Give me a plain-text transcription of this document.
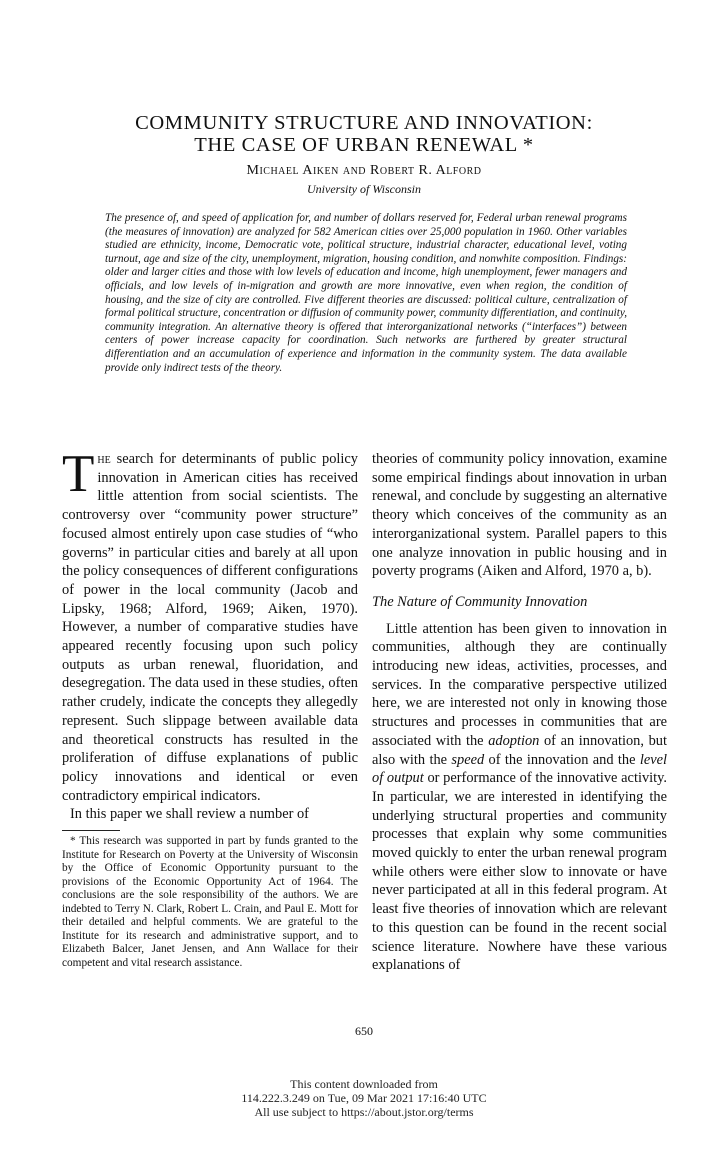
COMMUNITY STRUCTURE AND INNOVATION:
THE CASE OF URBAN RENEWAL *
Michael Aiken and Robert R. Alford
University of Wisconsin

The presence of, and speed of application for, and number of dollars reserved for, Federal urban renewal programs (the measures of innovation) are analyzed for 582 American cities over 25,000 population in 1960. Other variables studied are ethnicity, income, Democratic vote, political structure, industrial character, educational level, voting turnout, age and size of the city, unemployment, migration, housing condition, and nonwhite composition. Findings: older and larger cities and those with low levels of education and income, high unemployment, fewer managers and officials, and low levels of in-migration and growth are more innovative, even when region, the condition of housing, and the size of city are controlled. Five different theories are discussed: political culture, centralization of formal political structure, concentration or diffusion of community power, community differentiation, and continuity, community integration. An alternative theory is offered that interorganizational networks (“interfaces”) between centers of power increase capacity for coordination. Such networks are furthered by greater structural differentiation and an accumulation of experience and information in the community system. The data available provide only indirect tests of the theory.

The search for determinants of public policy innovation in American cities has received little attention from social scientists. The controversy over “community power structure” focused almost entirely upon case studies of “who governs” in particular cities and barely at all upon the policy consequences of different configurations of power in the local community (Jacob and Lipsky, 1968; Alford, 1969; Aiken, 1970). However, a number of comparative studies have appeared recently focusing upon such policy outputs as urban renewal, fluoridation, and desegregation. The data used in these studies, often rather crudely, indicate the concepts they allegedly represent. Such slippage between available data and theoretical constructs has resulted in the proliferation of diffuse explanations of public policy innovations and identical or even contradictory empirical indicators.

In this paper we shall review a number of

* This research was supported in part by funds granted to the Institute for Research on Poverty at the University of Wisconsin by the Office of Economic Opportunity pursuant to the provisions of the Economic Opportunity Act of 1964. The conclusions are the sole responsibility of the authors. We are indebted to Terry N. Clark, Robert L. Crain, and Paul E. Mott for their detailed and helpful comments. We are grateful to the Institute for its research and administrative support, and to Elizabeth Balcer, Janet Jensen, and Ann Wallace for their competent and vital research assistance.

theories of community policy innovation, examine some empirical findings about innovation in urban renewal, and conclude by suggesting an alternative theory which conceives of the community as an interorganizational system. Parallel papers to this one analyze innovation in public housing and in poverty programs (Aiken and Alford, 1970 a, b).

The Nature of Community Innovation

Little attention has been given to innovation in communities, although they are continually introducing new ideas, activities, processes, and services. In the comparative perspective utilized here, we are interested not only in knowing those structures and processes in communities that are associated with the adoption of an innovation, but also with the speed of the innovation and the level of output or performance of the innovative activity. In particular, we are interested in identifying the underlying structural properties and community processes that explain why some communities moved quickly to enter the urban renewal program while others were either slow to innovate or have never participated at all in this federal program. At least five theories of innovation which are relevant to this question can be found in the recent social science literature. Nowhere have these various explanations of

650
This content downloaded from
114.222.3.249 on Tue, 09 Mar 2021 17:16:40 UTC
All use subject to https://about.jstor.org/terms
